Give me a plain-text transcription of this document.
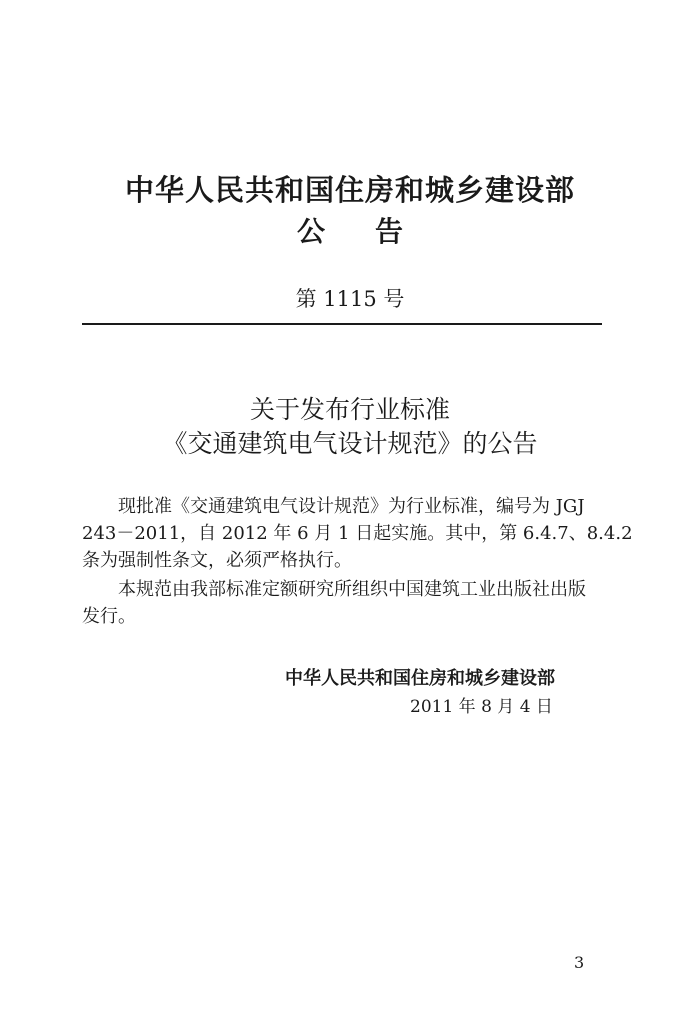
中华人民共和国住房和城乡建设部
公告
第 1115 号
关于发布行业标准
《交通建筑电气设计规范》的公告
现批准《交通建筑电气设计规范》为行业标准，编号为 JGJ
243－2011，自 2012 年 6 月 1 日起实施。其中，第 6.4.7、8.4.2
条为强制性条文，必须严格执行。
本规范由我部标准定额研究所组织中国建筑工业出版社出版
发行。
中华人民共和国住房和城乡建设部
2011 年 8 月 4 日
3
